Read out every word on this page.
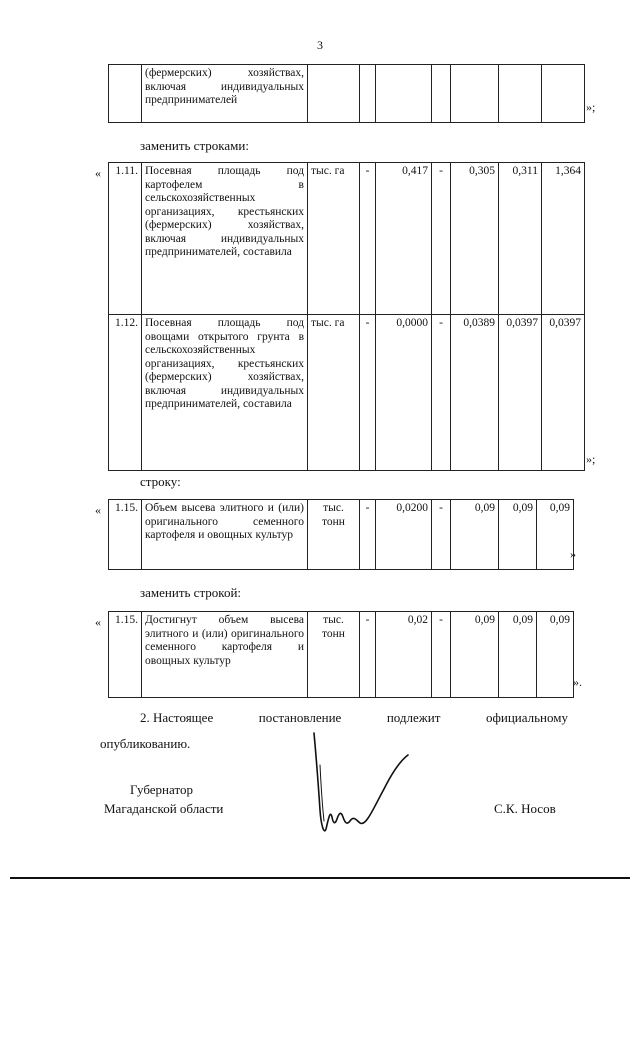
3
	(фермерских) хозяйствах, включая индивидуальных предпринимателей								»;
заменить строками:
« 1.11.	Посевная площадь под картофелем в сельскохозяйственных организациях, крестьянских (фермерских) хозяйствах, включая индивидуальных предпринимателей, составила	тыс. га	-	0,417	-	0,305	0,311	1,364
1.12.	Посевная площадь под овощами открытого грунта в сельскохозяйственных организациях, крестьянских (фермерских) хозяйствах, включая индивидуальных предпринимателей, составила	тыс. га	-	0,0000	-	0,0389	0,0397	0,0397
»;
строку:
« 1.15.	Объем высева элитного и (или) оригинального семенного картофеля и овощных культур	тыс. тонн	-	0,0200	-	0,09	0,09	0,09
»
заменить строкой:
« 1.15.	Достигнут объем высева элитного и (или) оригинального семенного картофеля и овощных культур	тыс. тонн	-	0,02	-	0,09	0,09	0,09
».
2. Настоящее	постановление	подлежит	официальному
опубликованию.
Губернатор
Магаданской области	С.К. Носов
